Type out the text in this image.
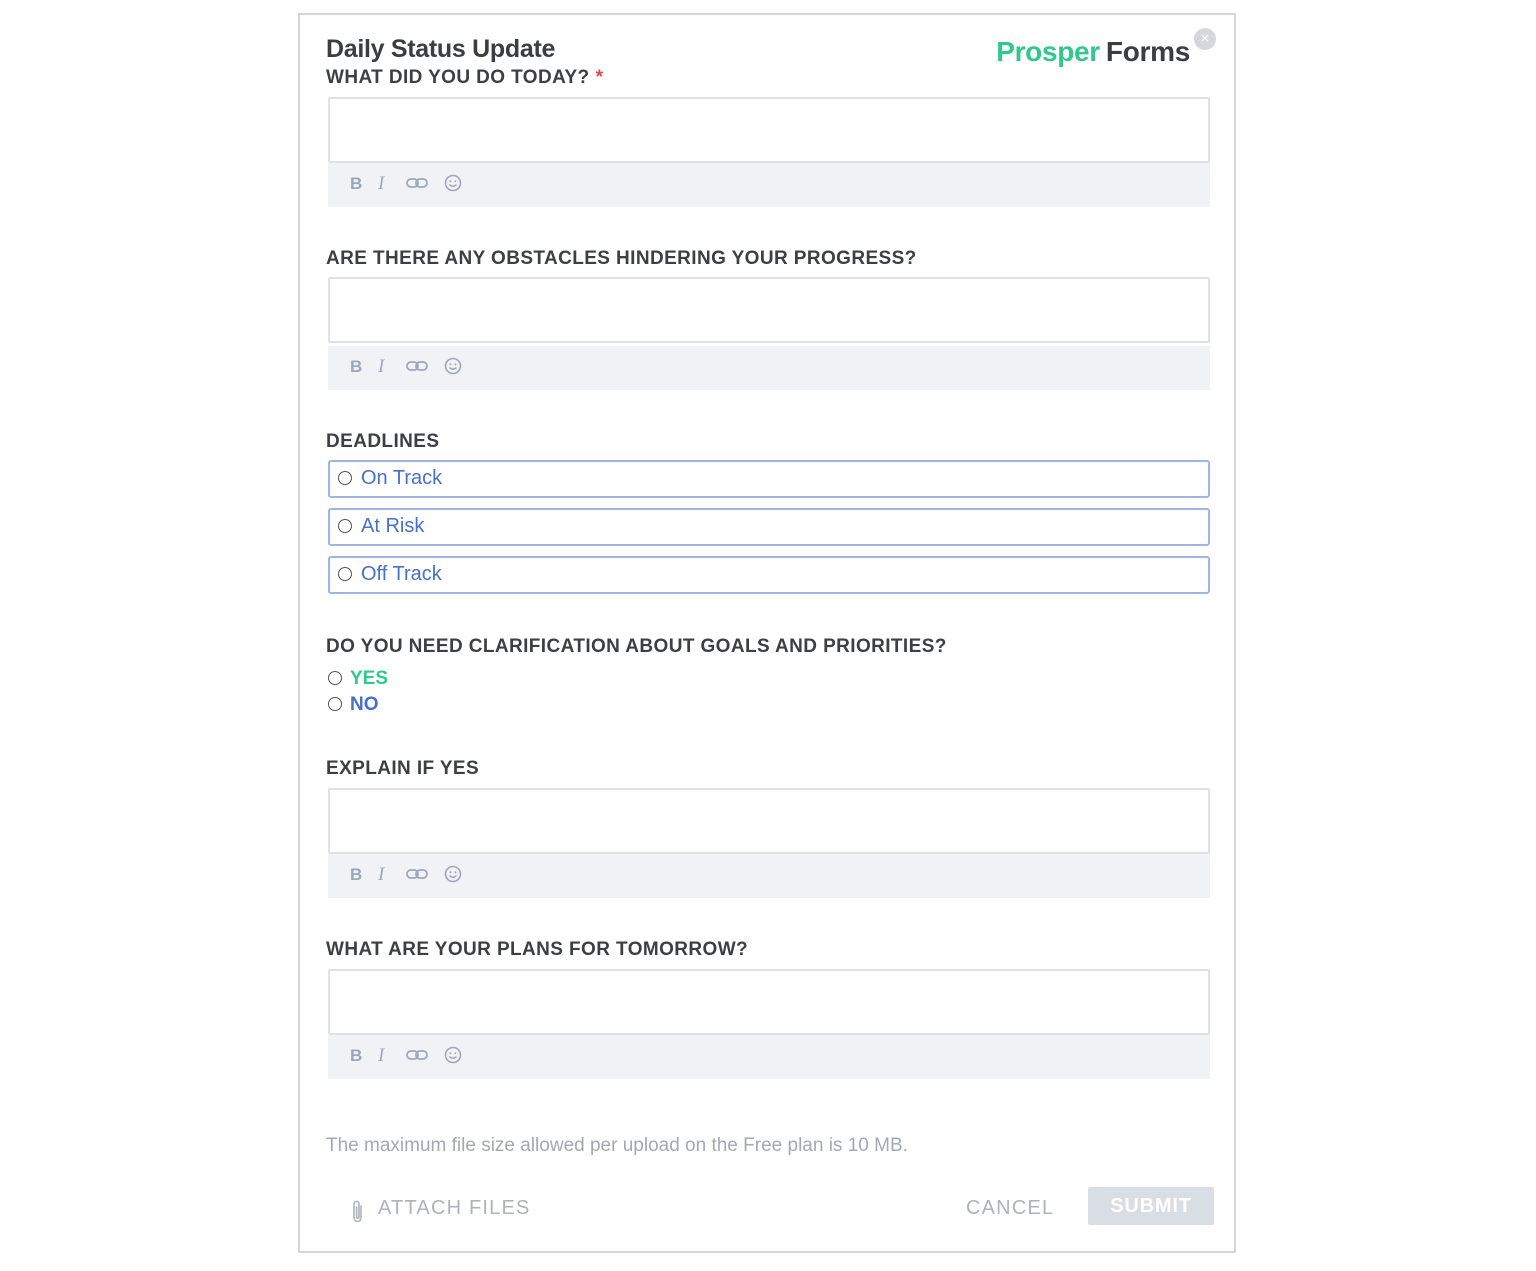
Daily Status Update	Prosper Forms ×
WHAT DID YOU DO TODAY? *
B I
ARE THERE ANY OBSTACLES HINDERING YOUR PROGRESS?
B I
DEADLINES
On Track
At Risk
Off Track
DO YOU NEED CLARIFICATION ABOUT GOALS AND PRIORITIES?
YES
NO
EXPLAIN IF YES
B I
WHAT ARE YOUR PLANS FOR TOMORROW?
B I
The maximum file size allowed per upload on the Free plan is 10 MB.
ATTACH FILES	CANCEL	SUBMIT
